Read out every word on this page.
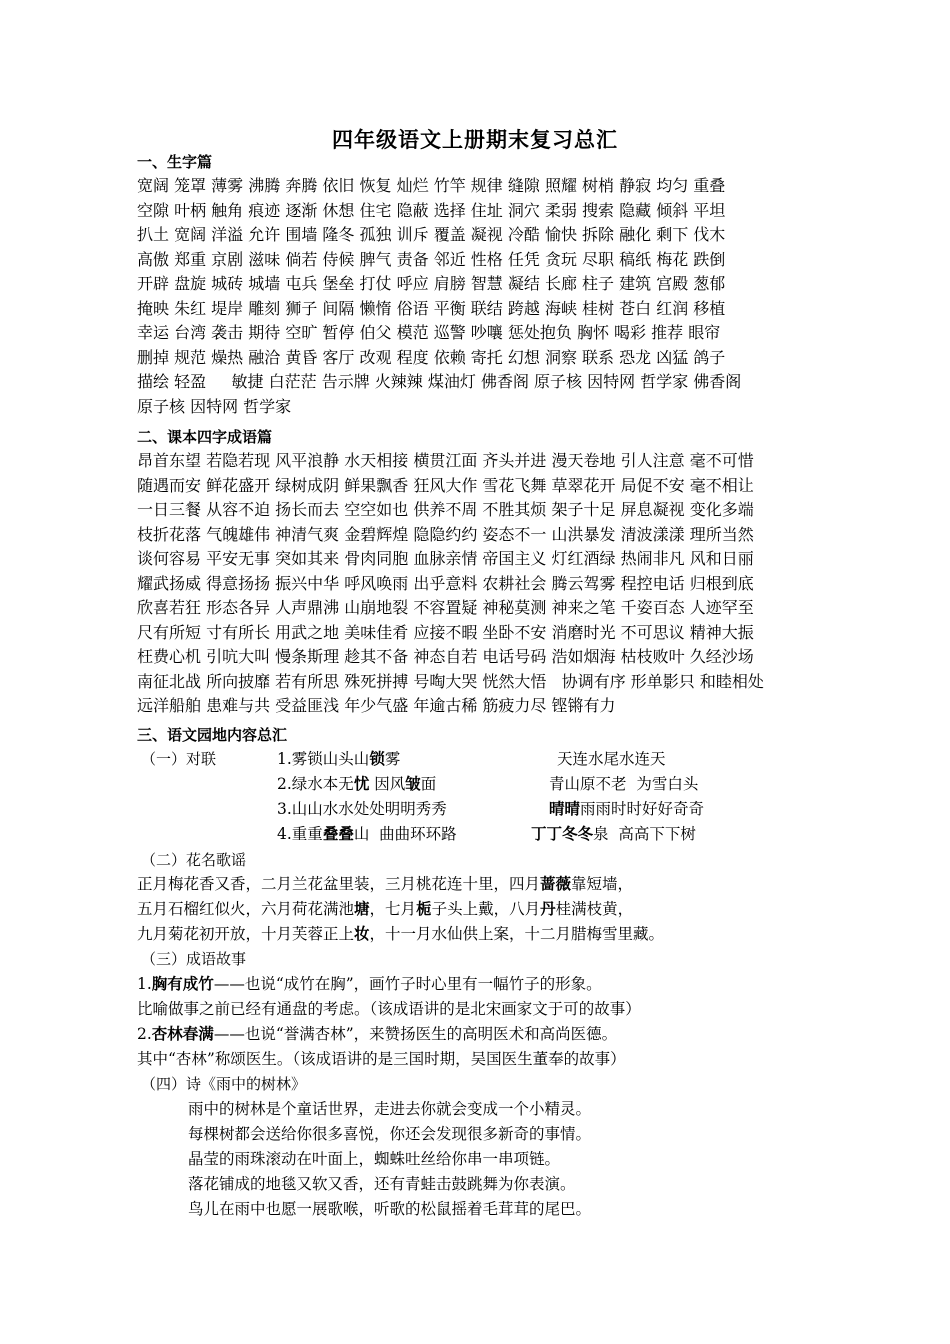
四年级语文上册期末复习总汇
一、生字篇
宽阔 笼罩 薄雾 沸腾 奔腾 依旧 恢复 灿烂 竹竿 规律 缝隙 照耀 树梢 静寂 均匀 重叠
空隙 叶柄 触角 痕迹 逐渐 休想 住宅 隐蔽 选择 住址 洞穴 柔弱 搜索 隐藏 倾斜 平坦
扒土 宽阔 洋溢 允许 围墙 隆冬 孤独 训斥 覆盖 凝视 冷酷 愉快 拆除 融化 剩下 伐木
高傲 郑重 京剧 滋味 倘若 侍候 脾气 责备 邻近 性格 任凭 贪玩 尽职 稿纸 梅花 跌倒
开辟 盘旋 城砖 城墙 屯兵 堡垒 打仗 呼应 肩膀 智慧 凝结 长廊 柱子 建筑 宫殿 葱郁
掩映 朱红 堤岸 雕刻 狮子 间隔 懒惰 俗语 平衡 联结 跨越 海峡 桂树 苍白 红润 移植
幸运 台湾 袭击 期待 空旷 暂停 伯父 模范 巡警 吵嚷 惩处抱负 胸怀 喝彩 推荐 眼帘
删掉 规范 燥热 融洽 黄昏 客厅 改观 程度 依赖 寄托 幻想 洞察 联系 恐龙 凶猛 鸽子
描绘 轻盈     敏捷 白茫茫 告示牌 火辣辣 煤油灯 佛香阁 原子核 因特网 哲学家 佛香阁
原子核 因特网 哲学家
二、课本四字成语篇
昂首东望 若隐若现 风平浪静 水天相接 横贯江面 齐头并进 漫天卷地 引人注意 毫不可惜
随遇而安 鲜花盛开 绿树成阴 鲜果飘香 狂风大作 雪花飞舞 草翠花开 局促不安 毫不相让
一日三餐 从容不迫 扬长而去 空空如也 供养不周 不胜其烦 架子十足 屏息凝视 变化多端
枝折花落 气魄雄伟 神清气爽 金碧辉煌 隐隐约约 姿态不一 山洪暴发 清波漾漾 理所当然
谈何容易 平安无事 突如其来 骨肉同胞 血脉亲情 帝国主义 灯红酒绿 热闹非凡 风和日丽
耀武扬威 得意扬扬 振兴中华 呼风唤雨 出乎意料 农耕社会 腾云驾雾 程控电话 归根到底
欣喜若狂 形态各异 人声鼎沸 山崩地裂 不容置疑 神秘莫测 神来之笔 千姿百态 人迹罕至
尺有所短 寸有所长 用武之地 美味佳肴 应接不暇 坐卧不安 消磨时光 不可思议 精神大振
枉费心机 引吭大叫 慢条斯理 趁其不备 神态自若 电话号码 浩如烟海 枯枝败叶 久经沙场
南征北战 所向披靡 若有所思 殊死拼搏 号啕大哭 恍然大悟   协调有序 形单影只 和睦相处
远洋船舶 患难与共 受益匪浅 年少气盛 年逾古稀 筋疲力尽 铿锵有力
三、语文园地内容总汇
（一）对联	1.雾锁山头山锁雾	天连水尾水连天
2.绿水本无忧 因风皱面	青山原不老  为雪白头
3.山山水水处处明明秀秀	晴晴雨雨时时好好奇奇
4.重重叠叠山  曲曲环环路	丁丁冬冬泉  高高下下树
（二）花名歌谣
正月梅花香又香，二月兰花盆里装，三月桃花连十里，四月蔷薇靠短墙，
五月石榴红似火，六月荷花满池塘，七月栀子头上戴，八月丹桂满枝黄，
九月菊花初开放，十月芙蓉正上妆，十一月水仙供上案，十二月腊梅雪里藏。
（三）成语故事
1.胸有成竹——也说“成竹在胸”，画竹子时心里有一幅竹子的形象。
比喻做事之前已经有通盘的考虑。（该成语讲的是北宋画家文于可的故事）
2.杏林春满——也说“誉满杏林”，来赞扬医生的高明医术和高尚医德。
其中“杏林”称颂医生。（该成语讲的是三国时期，吴国医生董奉的故事）
（四）诗《雨中的树林》
雨中的树林是个童话世界，走进去你就会变成一个小精灵。
每棵树都会送给你很多喜悦，你还会发现很多新奇的事情。
晶莹的雨珠滚动在叶面上，蜘蛛吐丝给你串一串项链。
落花铺成的地毯又软又香，还有青蛙击鼓跳舞为你表演。
鸟儿在雨中也愿一展歌喉，听歌的松鼠摇着毛茸茸的尾巴。
